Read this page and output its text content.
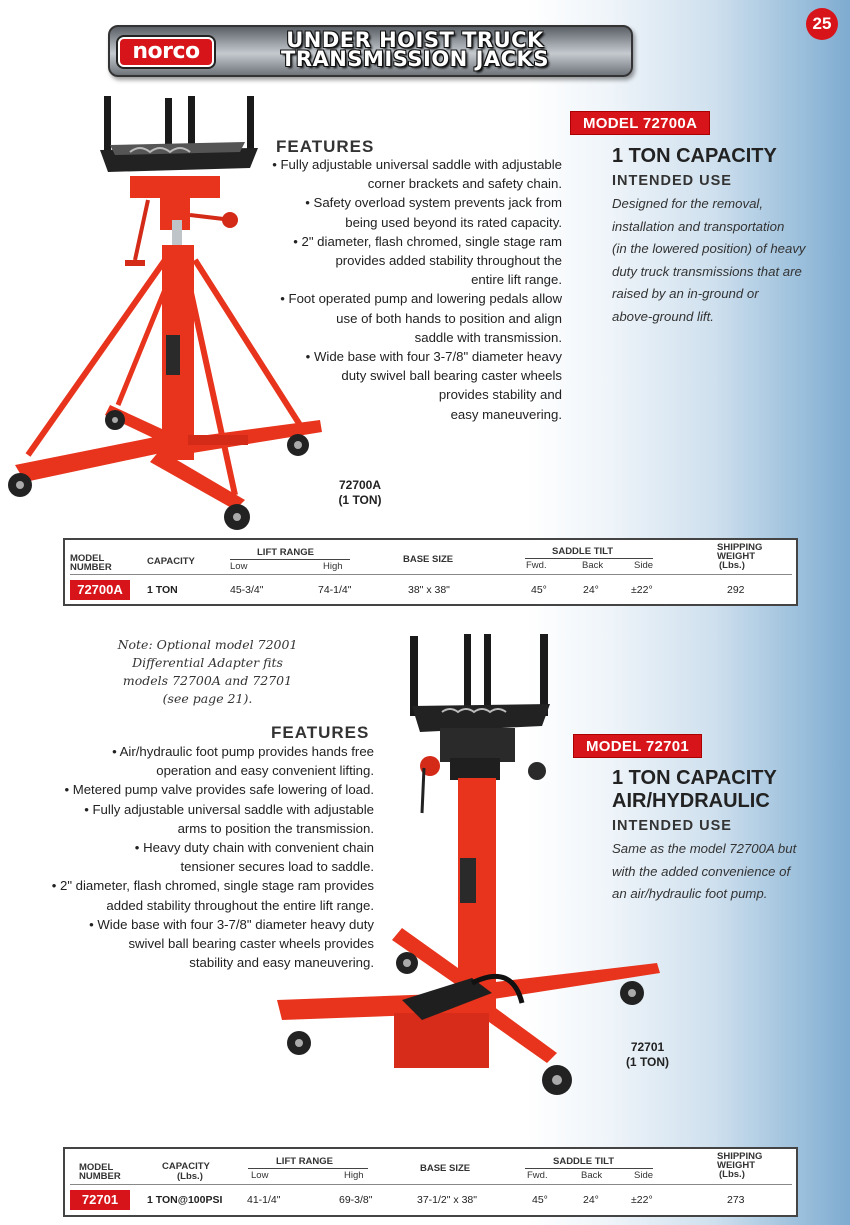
25
norco	UNDER HOIST TRUCK
TRANSMISSION JACKS
FEATURES

• Fully adjustable universal saddle with adjustable

corner brackets and safety chain.

• Safety overload system prevents jack from

being used beyond its rated capacity.

• 2" diameter, flash chromed, single stage ram

provides added stability throughout the

entire lift range.

• Foot operated pump and lowering pedals allow

use of both hands to position and align

saddle with transmission.

• Wide base with four 3-7/8" diameter heavy

duty swivel ball bearing caster wheels

provides stability and

easy maneuvering.

MODEL 72700A
1 TON CAPACITY
INTENDED USE
Designed for the removal,
installation and transportation
(in the lowered position) of heavy
duty truck transmissions that are
raised by an in-ground or
above-ground lift.
72700A
(1 TON)
MODEL
NUMBER
CAPACITY
LIFT RANGE
Low	High
BASE SIZE
SADDLE TILT
Fwd.	Back	Side
SHIPPING
WEIGHT
(Lbs.)
72700A	1 TON	45-3/4"	74-1/4"	38" x 38"	45°	24°	±22°	292
Note: Optional model 72001
Differential Adapter fits
models 72700A and 72701
(see page 21).
FEATURES

• Air/hydraulic foot pump provides hands free

operation and easy convenient lifting.

• Metered pump valve provides safe lowering of load.

• Fully adjustable universal saddle with adjustable

arms to position the transmission.

• Heavy duty chain with convenient chain

tensioner secures load to saddle.

• 2" diameter, flash chromed, single stage ram provides

added stability throughout the entire lift range.

• Wide base with four 3-7/8" diameter heavy duty

swivel ball bearing caster wheels provides

stability and easy maneuvering.

MODEL 72701
1 TON CAPACITY
AIR/HYDRAULIC
INTENDED USE
Same as the model 72700A but
with the added convenience of
an air/hydraulic foot pump.
72701
(1 TON)
MODEL
NUMBER
CAPACITY
(Lbs.)
LIFT RANGE
Low	High
BASE SIZE
SADDLE TILT
Fwd.	Back	Side
SHIPPING
WEIGHT
(Lbs.)
72701	1 TON@100PSI 41-1/4"	69-3/8"	37-1/2" x 38"	45°	24°	±22°	273
